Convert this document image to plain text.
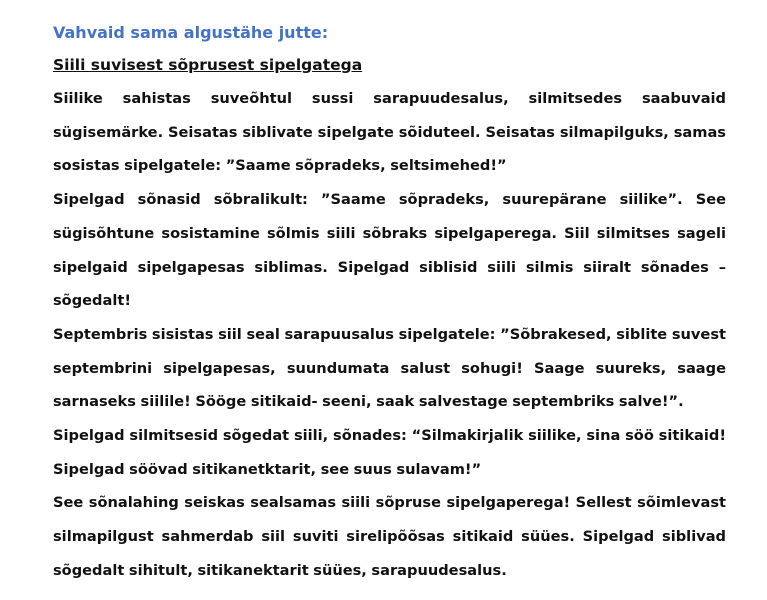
Vahvaid sama algustähe jutte:

Siili suvisest sõprusest sipelgatega

Siilike sahistas suveõhtul sussi sarapuudesalus, silmitsedes saabuvaid sügisemärke. Seisatas siblivate sipelgate sõiduteel. Seisatas silmapilguks, samas sosistas sipelgatele: ”Saame sõpradeks, seltsimehed!”

Sipelgad sõnasid sõbralikult: ”Saame sõpradeks, suurepärane siilike”. See sügisõhtune sosistamine sõlmis siili sõbraks sipelgaperega. Siil silmitses sageli sipelgaid sipelgapesas siblimas. Sipelgad siblisid siili silmis siiralt sõnades – sõgedalt!

Septembris sisistas siil seal sarapuusalus sipelgatele: ”Sõbrakesed, siblite suvest septembrini sipelgapesas, suundumata salust sohugi! Saage suureks, saage sarnaseks siilile! Sööge sitikaid- seeni, saak salvestage septembriks salve!”.

Sipelgad silmitsesid sõgedat siili, sõnades: “Silmakirjalik siilike, sina söö sitikaid! Sipelgad söövad sitikanetktarit, see suus sulavam!”

See sõnalahing seiskas sealsamas siili sõpruse sipelgaperega! Sellest sõimlevast silmapilgust sahmerdab siil suviti sirelipõõsas sitikaid süües. Sipelgad siblivad sõgedalt sihitult, sitikanektarit süües, sarapuudesalus.
